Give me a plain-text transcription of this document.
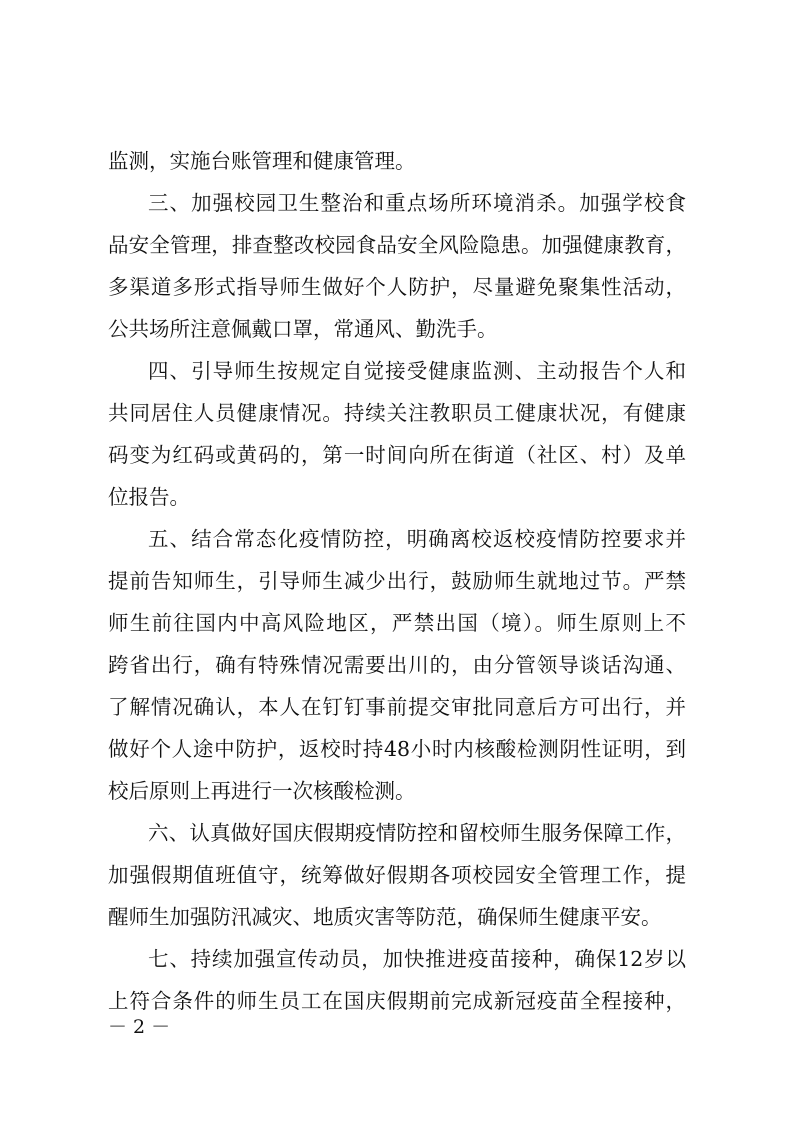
监测，实施台账管理和健康管理。
三、加强校园卫生整治和重点场所环境消杀。加强学校食
品安全管理，排查整改校园食品安全风险隐患。加强健康教育，
多渠道多形式指导师生做好个人防护，尽量避免聚集性活动，
公共场所注意佩戴口罩，常通风、勤洗手。
四、引导师生按规定自觉接受健康监测、主动报告个人和
共同居住人员健康情况。持续关注教职员工健康状况，有健康
码变为红码或黄码的，第一时间向所在街道（社区、村）及单
位报告。
五、结合常态化疫情防控，明确离校返校疫情防控要求并
提前告知师生，引导师生减少出行，鼓励师生就地过节。严禁
师生前往国内中高风险地区，严禁出国（境）。师生原则上不
跨省出行，确有特殊情况需要出川的，由分管领导谈话沟通、
了解情况确认，本人在钉钉事前提交审批同意后方可出行，并
做好个人途中防护，返校时持48小时内核酸检测阴性证明，到
校后原则上再进行一次核酸检测。
六、认真做好国庆假期疫情防控和留校师生服务保障工作，
加强假期值班值守，统筹做好假期各项校园安全管理工作，提
醒师生加强防汛减灾、地质灾害等防范，确保师生健康平安。
七、持续加强宣传动员，加快推进疫苗接种，确保12岁以
上符合条件的师生员工在国庆假期前完成新冠疫苗全程接种，
－ 2 －
